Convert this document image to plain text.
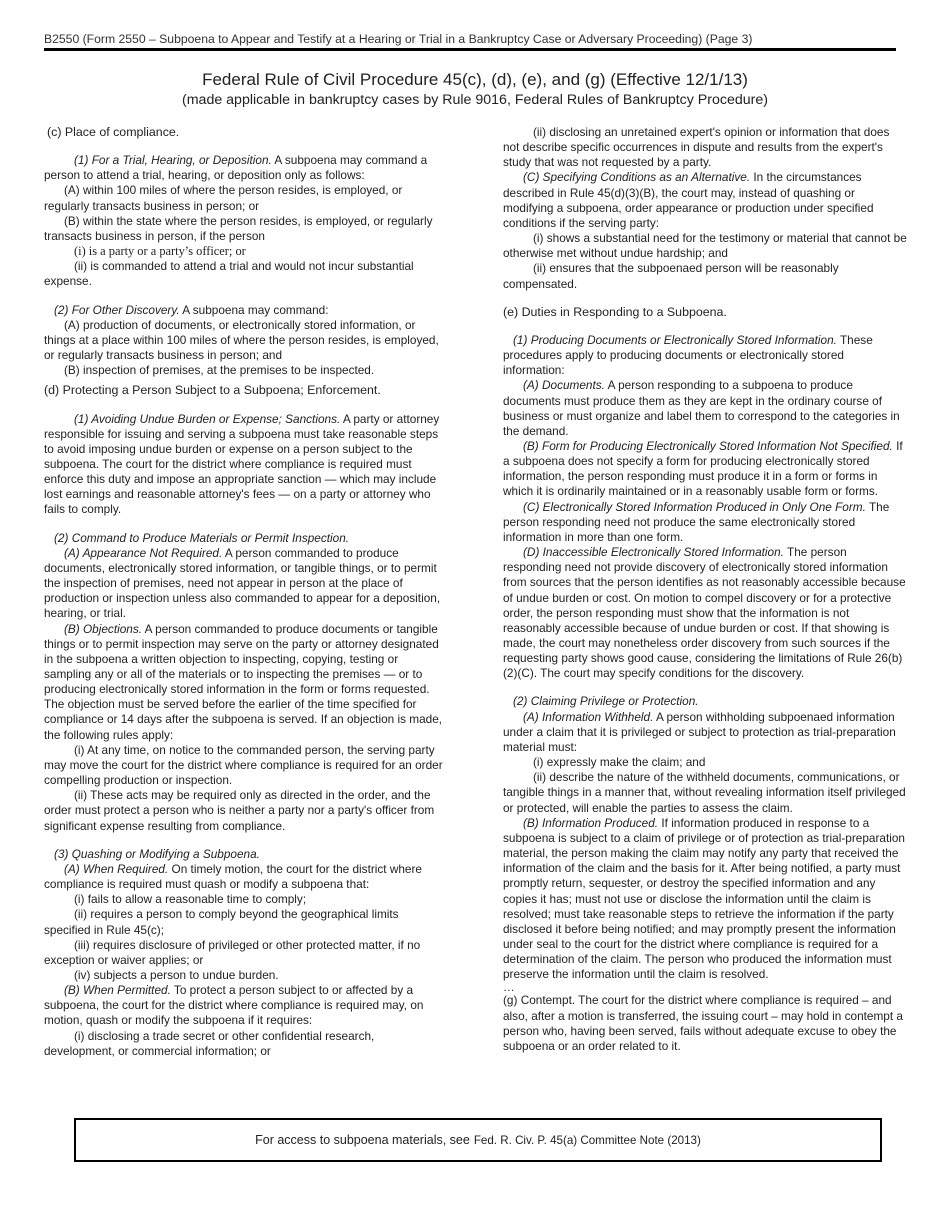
B2550 (Form 2550 – Subpoena to Appear and Testify at a Hearing or Trial in a Bankruptcy Case or Adversary Proceeding) (Page 3)
Federal Rule of Civil Procedure 45(c), (d), (e), and (g) (Effective 12/1/13)
(made applicable in bankruptcy cases by Rule 9016, Federal Rules of Bankruptcy Procedure)

(c) Place of compliance.

(1) For a Trial, Hearing, or Deposition. A subpoena may command a person to attend a trial, hearing, or deposition only as follows:

(A) within 100 miles of where the person resides, is employed, or regularly transacts business in person; or

(B) within the state where the person resides, is employed, or regularly transacts business in person, if the person

(i) is a party or a party’s officer; or

(ii) is commanded to attend a trial and would not incur substantial expense.

(2) For Other Discovery. A subpoena may command:

(A) production of documents, or electronically stored information, or things at a place within 100 miles of where the person resides, is employed, or regularly transacts business in person; and

(B) inspection of premises, at the premises to be inspected.

(d) Protecting a Person Subject to a Subpoena; Enforcement.

(1) Avoiding Undue Burden or Expense; Sanctions. A party or attorney responsible for issuing and serving a subpoena must take reasonable steps to avoid imposing undue burden or expense on a person subject to the subpoena. The court for the district where compliance is required must enforce this duty and impose an appropriate sanction — which may include lost earnings and reasonable attorney's fees — on a party or attorney who fails to comply.

(2) Command to Produce Materials or Permit Inspection.

(A) Appearance Not Required. A person commanded to produce documents, electronically stored information, or tangible things, or to permit the inspection of premises, need not appear in person at the place of production or inspection unless also commanded to appear for a deposition, hearing, or trial.

(B) Objections. A person commanded to produce documents or tangible things or to permit inspection may serve on the party or attorney designated in the subpoena a written objection to inspecting, copying, testing or sampling any or all of the materials or to inspecting the premises — or to producing electronically stored information in the form or forms requested. The objection must be served before the earlier of the time specified for compliance or 14 days after the subpoena is served. If an objection is made, the following rules apply:

(i) At any time, on notice to the commanded person, the serving party may move the court for the district where compliance is required for an order compelling production or inspection.

(ii) These acts may be required only as directed in the order, and the order must protect a person who is neither a party nor a party's officer from significant expense resulting from compliance.

(3) Quashing or Modifying a Subpoena.

(A) When Required. On timely motion, the court for the district where compliance is required must quash or modify a subpoena that:

(i) fails to allow a reasonable time to comply;

(ii) requires a person to comply beyond the geographical limits specified in Rule 45(c);

(iii) requires disclosure of privileged or other protected matter, if no exception or waiver applies; or

(iv) subjects a person to undue burden.

(B) When Permitted. To protect a person subject to or affected by a subpoena, the court for the district where compliance is required may, on motion, quash or modify the subpoena if it requires:

(i) disclosing a trade secret or other confidential research, development, or commercial information; or

(ii) disclosing an unretained expert's opinion or information that does not describe specific occurrences in dispute and results from the expert's study that was not requested by a party.

(C) Specifying Conditions as an Alternative. In the circumstances described in Rule 45(d)(3)(B), the court may, instead of quashing or modifying a subpoena, order appearance or production under specified conditions if the serving party:

(i) shows a substantial need for the testimony or material that cannot be otherwise met without undue hardship; and

(ii) ensures that the subpoenaed person will be reasonably compensated.

(e) Duties in Responding to a Subpoena.

(1) Producing Documents or Electronically Stored Information. These procedures apply to producing documents or electronically stored information:

(A) Documents. A person responding to a subpoena to produce documents must produce them as they are kept in the ordinary course of business or must organize and label them to correspond to the categories in the demand.

(B) Form for Producing Electronically Stored Information Not Specified. If a subpoena does not specify a form for producing electronically stored information, the person responding must produce it in a form or forms in which it is ordinarily maintained or in a reasonably usable form or forms.

(C) Electronically Stored Information Produced in Only One Form. The person responding need not produce the same electronically stored information in more than one form.

(D) Inaccessible Electronically Stored Information. The person responding need not provide discovery of electronically stored information from sources that the person identifies as not reasonably accessible because of undue burden or cost. On motion to compel discovery or for a protective order, the person responding must show that the information is not reasonably accessible because of undue burden or cost. If that showing is made, the court may nonetheless order discovery from such sources if the requesting party shows good cause, considering the limitations of Rule 26(b)(2)(C). The court may specify conditions for the discovery.

(2) Claiming Privilege or Protection.

(A) Information Withheld. A person withholding subpoenaed information under a claim that it is privileged or subject to protection as trial-preparation material must:

(i) expressly make the claim; and

(ii) describe the nature of the withheld documents, communications, or tangible things in a manner that, without revealing information itself privileged or protected, will enable the parties to assess the claim.

(B) Information Produced. If information produced in response to a subpoena is subject to a claim of privilege or of protection as trial-preparation material, the person making the claim may notify any party that received the information of the claim and the basis for it. After being notified, a party must promptly return, sequester, or destroy the specified information and any copies it has; must not use or disclose the information until the claim is resolved; must take reasonable steps to retrieve the information if the party disclosed it before being notified; and may promptly present the information under seal to the court for the district where compliance is required for a determination of the claim. The person who produced the information must preserve the information until the claim is resolved.

…

(g) Contempt. The court for the district where compliance is required – and also, after a motion is transferred, the issuing court – may hold in contempt a person who, having been served, fails without adequate excuse to obey the subpoena or an order related to it.

For access to subpoena materials, see Fed. R. Civ. P. 45(a) Committee Note (2013)
